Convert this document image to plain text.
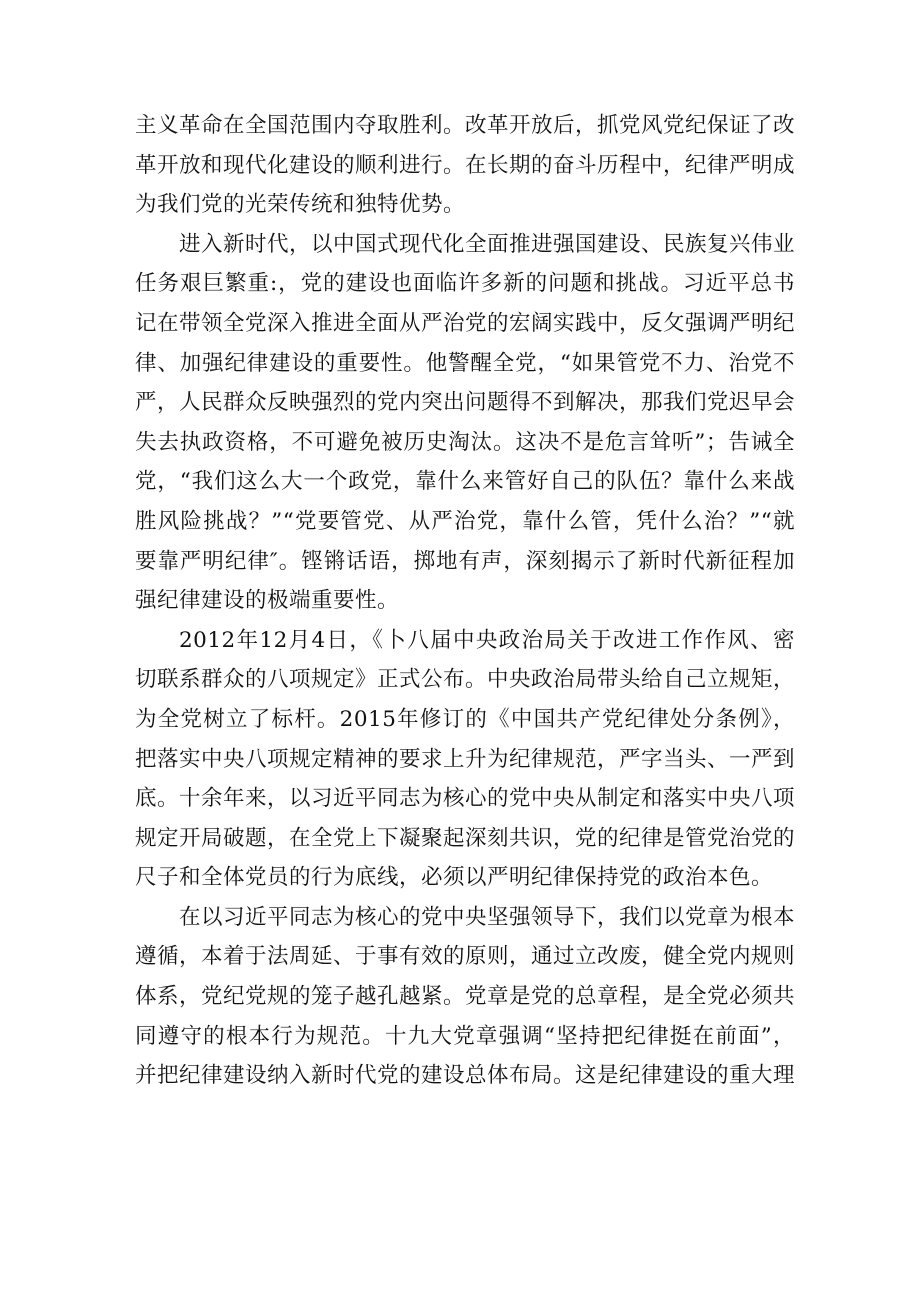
主义革命在全国范围内夺取胜利。改革开放后，抓党风党纪保证了改革开放和现代化建设的顺利进行。在长期的奋斗历程中，纪律严明成为我们党的光荣传统和独特优势。

进入新时代，以中国式现代化全面推进强国建设、民族复兴伟业任务艰巨繁重:，党的建设也面临许多新的问题和挑战。习近平总书记在带领全党深入推进全面从严治党的宏阔实践中，反攵强调严明纪律、加强纪律建设的重要性。他警醒全党，“如果管党不力、治党不严，人民群众反映强烈的党内突出问题得不到解决，那我们党迟早会失去执政资格，不可避免被历史淘汰。这决不是危言耸听”；告诫全党，“我们这么大一个政党，靠什么来管好自己的队伍？靠什么来战胜风险挑战？”“党要管党、从严治党，靠什么管，凭什么治？”“就要靠严明纪律″。铿锵话语，掷地有声，深刻揭示了新时代新征程加强纪律建设的极端重要性。

2012年12月4日，《卜八届中央政治局关于改进工作作风、密切联系群众的八项规定》正式公布。中央政治局带头给自己立规矩，为全党树立了标杆。2015年修订的《中国共产党纪律处分条例》，把落实中央八项规定精神的要求上升为纪律规范，严字当头、一严到底。十余年来，以习近平同志为核心的党中央从制定和落实中央八项规定开局破题，在全党上下凝聚起深刻共识，党的纪律是管党治党的尺子和全体党员的行为底线，必须以严明纪律保持党的政治本色。

在以习近平同志为核心的党中央坚强领导下，我们以党章为根本遵循，本着于法周延、于事有效的原则，通过立改废，健全党内规则体系，党纪党规的笼子越孔越紧。党章是党的总章程，是全党必须共同遵守的根本行为规范。十九大党章强调“坚持把纪律挺在前面”，并把纪律建设纳入新时代党的建设总体布局。这是纪律建设的重大理
